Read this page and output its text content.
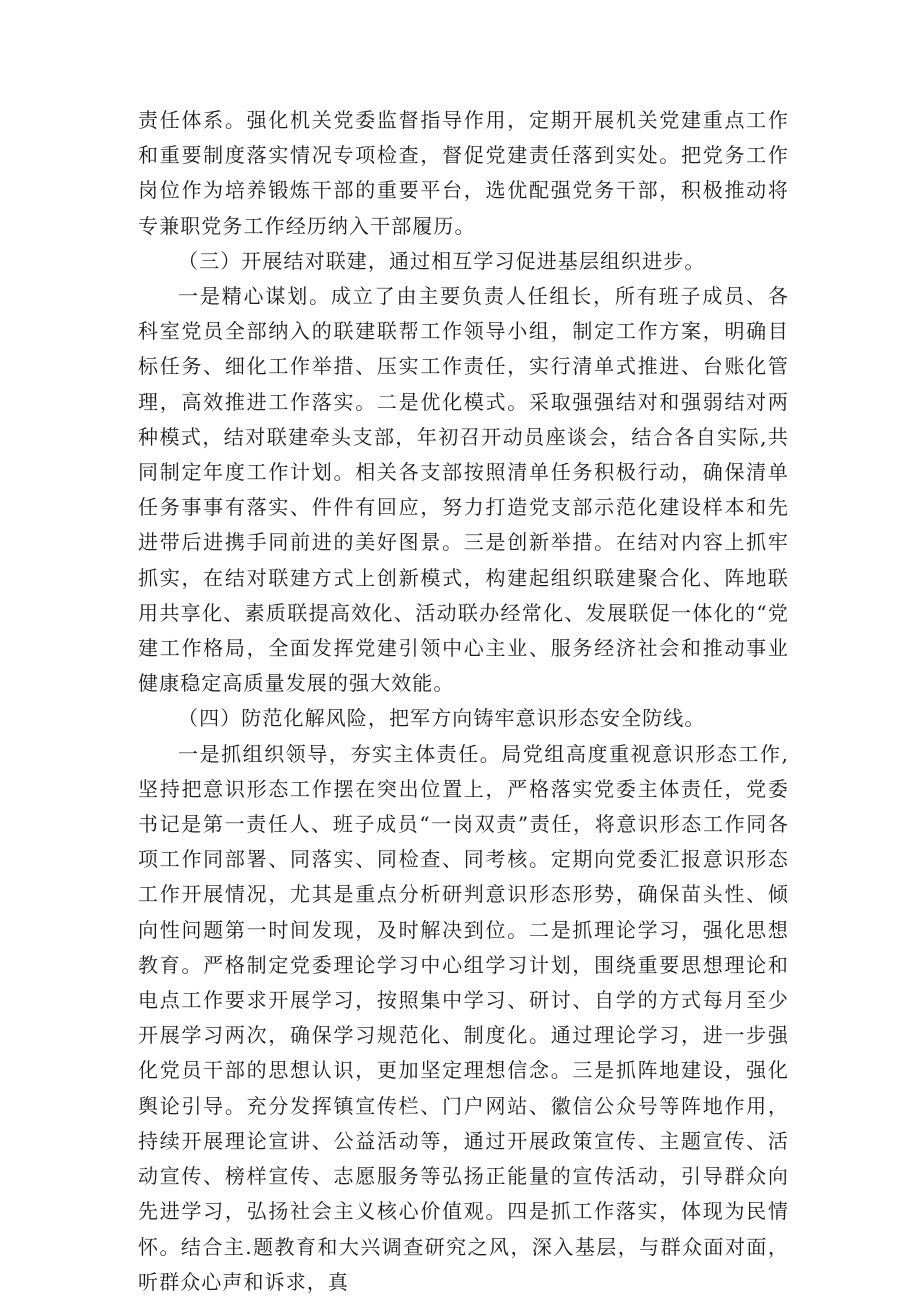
责任体系。强化机关党委监督指导作用，定期开展机关党建重点工作和重要制度落实情况专项检查，督促党建责任落到实处。把党务工作岗位作为培养锻炼干部的重要平台，选优配强党务干部，积极推动将专兼职党务工作经历纳入干部履历。

（三）开展结对联建，通过相互学习促进基层组织进步。

一是精心谋划。成立了由主要负责人任组长，所有班子成员、各科室党员全部纳入的联建联帮工作领导小组，制定工作方案，明确目标任务、细化工作举措、压实工作责任，实行清单式推进、台账化管理，高效推进工作落实。二是优化模式。采取强强结对和强弱结对两种模式，结对联建牵头支部，年初召开动员座谈会，结合各自实际,共同制定年度工作计划。相关各支部按照清单任务积极行动，确保清单任务事事有落实、件件有回应，努力打造党支部示范化建设样本和先进带后进携手同前进的美好图景。三是创新举措。在结对内容上抓牢抓实，在结对联建方式上创新模式，构建起组织联建聚合化、阵地联用共享化、素质联提高效化、活动联办经常化、发展联促一体化的“党建工作格局，全面发挥党建引领中心主业、服务经济社会和推动事业健康稳定高质量发展的强大效能。

（四）防范化解风险，把军方向铸牢意识形态安全防线。

一是抓组织领导，夯实主体责任。局党组高度重视意识形态工作,坚持把意识形态工作摆在突出位置上，严格落实党委主体责任，党委书记是第一责任人、班子成员“一岗双责”责任，将意识形态工作同各项工作同部署、同落实、同检查、同考核。定期向党委汇报意识形态工作开展情况，尤其是重点分析研判意识形态形势，确保苗头性、倾向性问题第一时间发现，及时解决到位。二是抓理论学习，强化思想教育。严格制定党委理论学习中心组学习计划，围绕重要思想理论和电点工作要求开展学习，按照集中学习、研讨、自学的方式每月至少开展学习两次，确保学习规范化、制度化。通过理论学习，进一步强化党员干部的思想认识，更加坚定理想信念。三是抓阵地建设，强化舆论引导。充分发挥镇宣传栏、门户网站、徽信公众号等阵地作用，持续开展理论宣讲、公益活动等，通过开展政策宣传、主题宣传、活动宣传、榜样宣传、志愿服务等弘扬正能量的宣传活动，引导群众向先进学习，弘扬社会主义核心价值观。四是抓工作落实，体现为民情怀。结合主.题教育和大兴调查研究之风，深入基层，与群众面对面，听群众心声和诉求，真
